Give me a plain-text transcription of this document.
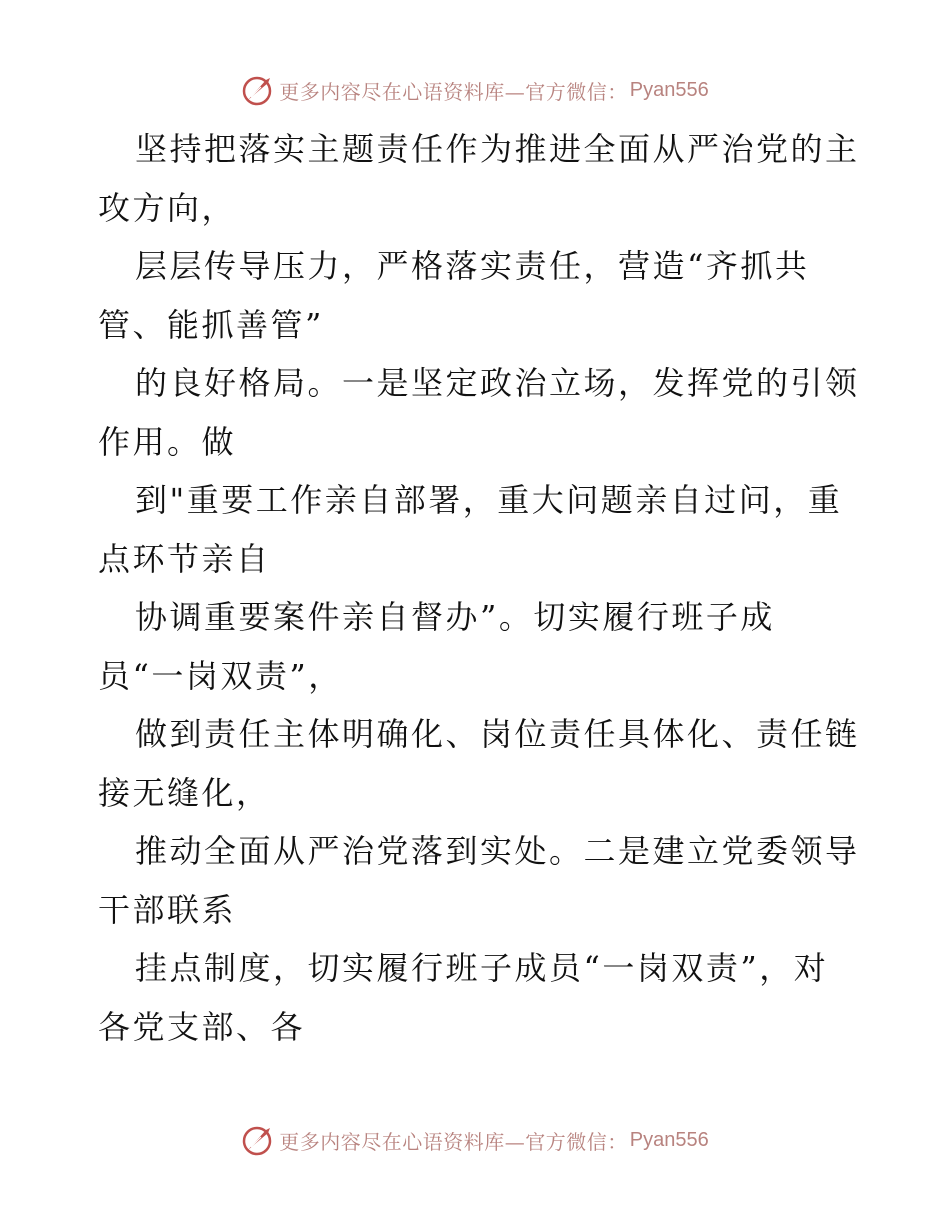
更多内容尽在心语资料库—官方微信： Pyan556

坚持把落实主题责任作为推进全面从严治党的主
攻方向，

层层传导压力，严格落实责任，营造“齐抓共
管、能抓善管”

的良好格局。一是坚定政治立场，发挥党的引领
作用。做

到"重要工作亲自部署，重大问题亲自过问，重
点环节亲自

协调重要案件亲自督办”。切实履行班子成
员“一岗双责”，

做到责任主体明确化、岗位责任具体化、责任链
接无缝化，

推动全面从严治党落到实处。二是建立党委领导
干部联系

挂点制度，切实履行班子成员“一岗双责”，对
各党支部、各

更多内容尽在心语资料库—官方微信： Pyan556
